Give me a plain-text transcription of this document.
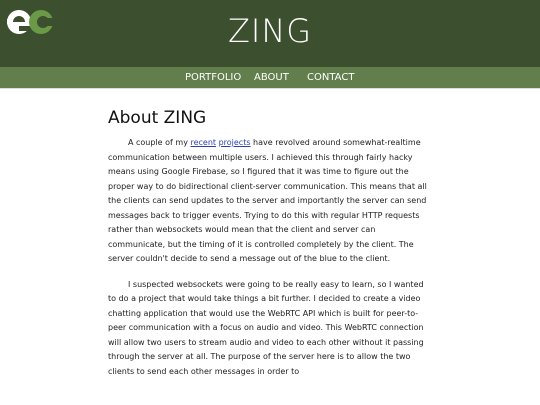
ZING
PORTFOLIO ABOUT CONTACT
About ZING

A couple of my recent projects have revolved around somewhat-realtime communication between multiple users. I achieved this through fairly hacky means using Google Firebase, so I figured that it was time to figure out the proper way to do bidirectional client-server communication. This means that all the clients can send updates to the server and importantly the server can send messages back to trigger events. Trying to do this with regular HTTP requests rather than websockets would mean that the client and server can communicate, but the timing of it is controlled completely by the client. The server couldn't decide to send a message out of the blue to the client.

I suspected websockets were going to be really easy to learn, so I wanted to do a project that would take things a bit further. I decided to create a video chatting application that would use the WebRTC API which is built for peer-to-peer communication with a focus on audio and video. This WebRTC connection will allow two users to stream audio and video to each other without it passing through the server at all. The purpose of the server here is to allow the two clients to send each other messages in order to
